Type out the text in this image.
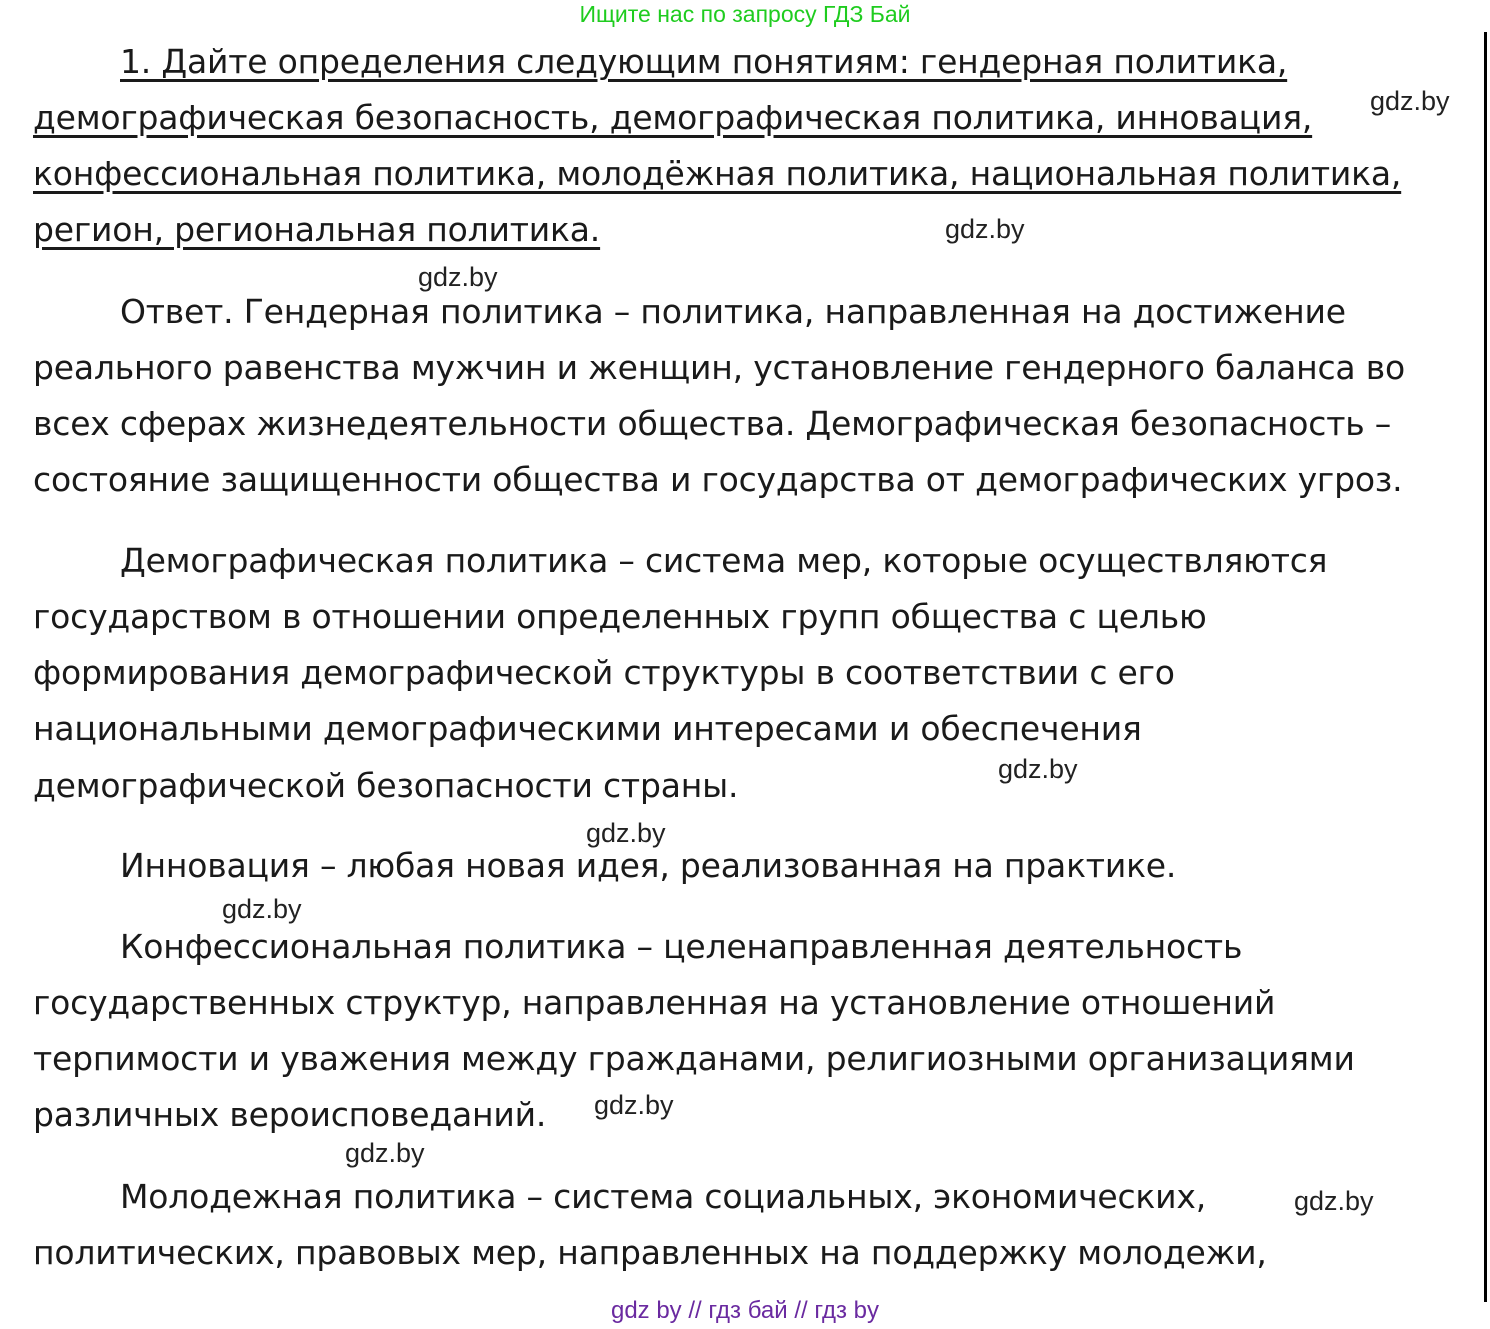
Ищите нас по запросу ГДЗ Бай
1. Дайте определения следующим понятиям: гендерная политика,
демографическая безопасность, демографическая политика, инновация,
конфессиональная политика, молодёжная политика, национальная политика,
регион, региональная политика.
Ответ. Гендерная политика – политика, направленная на достижение
реального равенства мужчин и женщин, установление гендерного баланса во
всех сферах жизнедеятельности общества. Демографическая безопасность –
состояние защищенности общества и государства от демографических угроз.
Демографическая политика – система мер, которые осуществляются
государством в отношении определенных групп общества с целью
формирования демографической структуры в соответствии с его
национальными демографическими интересами и обеспечения
демографической безопасности страны.
Инновация – любая новая идея, реализованная на практике.
Конфессиональная политика – целенаправленная деятельность
государственных структур, направленная на установление отношений
терпимости и уважения между гражданами, религиозными организациями
различных вероисповеданий.
Молодежная политика – система социальных, экономических,
политических, правовых мер, направленных на поддержку молодежи,
gdz.by
gdz.by
gdz.by
gdz.by
gdz.by
gdz.by
gdz.by
gdz.by
gdz.by
gdz by // гдз бай // гдз by
